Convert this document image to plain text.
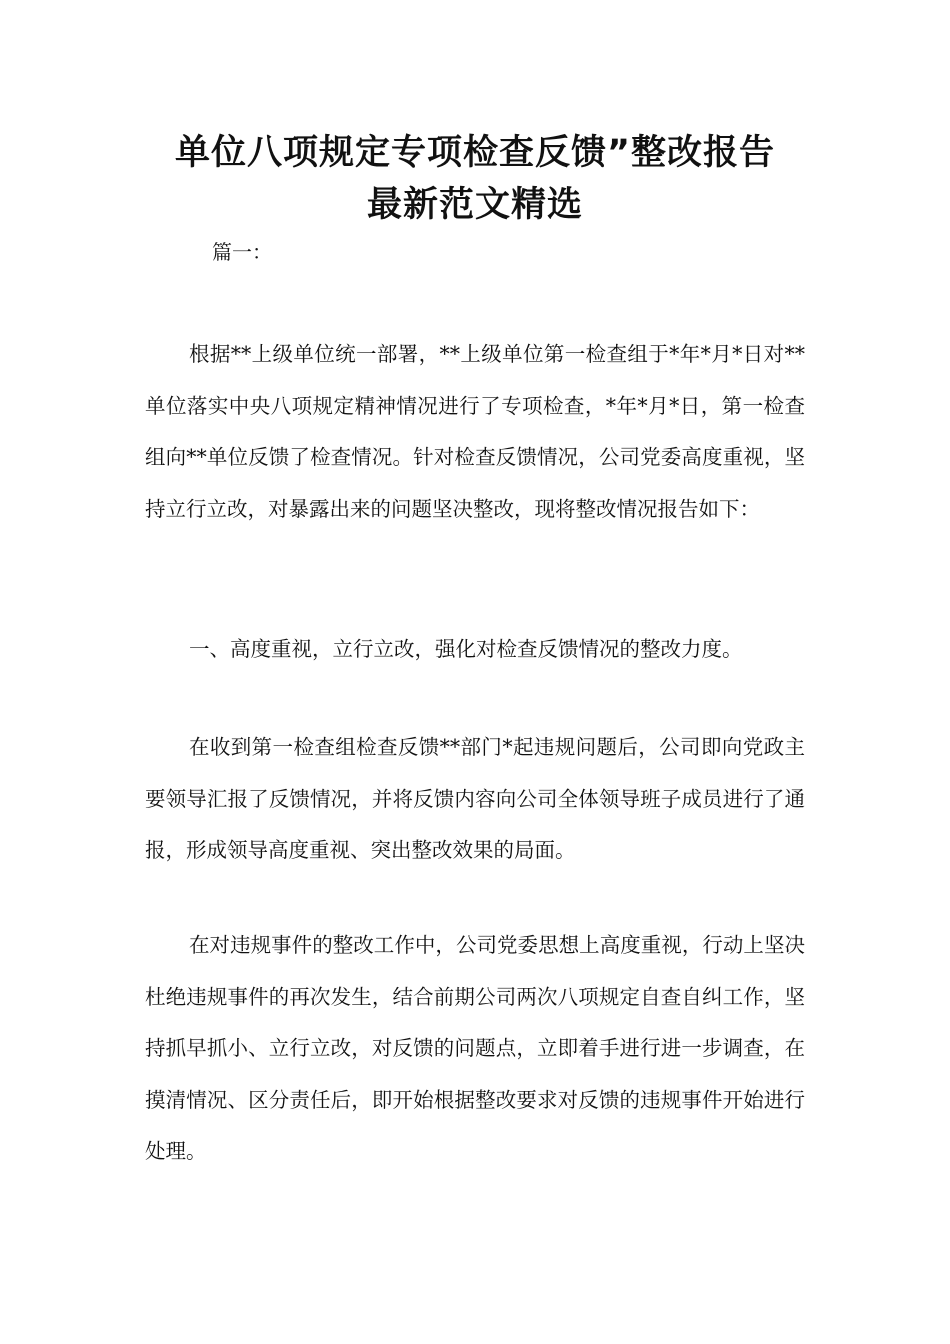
单位八项规定专项检查反馈”整改报告
最新范文精选
篇一：

根据**上级单位统一部署，**上级单位第一检查组于*年*月*日对**单位落实中央八项规定精神情况进行了专项检查，*年*月*日，第一检查组向**单位反馈了检查情况。针对检查反馈情况，公司党委高度重视，坚持立行立改，对暴露出来的问题坚决整改，现将整改情况报告如下：

一、高度重视，立行立改，强化对检查反馈情况的整改力度。

在收到第一检查组检查反馈**部门*起违规问题后，公司即向党政主要领导汇报了反馈情况，并将反馈内容向公司全体领导班子成员进行了通报，形成领导高度重视、突出整改效果的局面。

在对违规事件的整改工作中，公司党委思想上高度重视，行动上坚决杜绝违规事件的再次发生，结合前期公司两次八项规定自查自纠工作，坚持抓早抓小、立行立改，对反馈的问题点，立即着手进行进一步调查，在摸清情况、区分责任后，即开始根据整改要求对反馈的违规事件开始进行处理。
